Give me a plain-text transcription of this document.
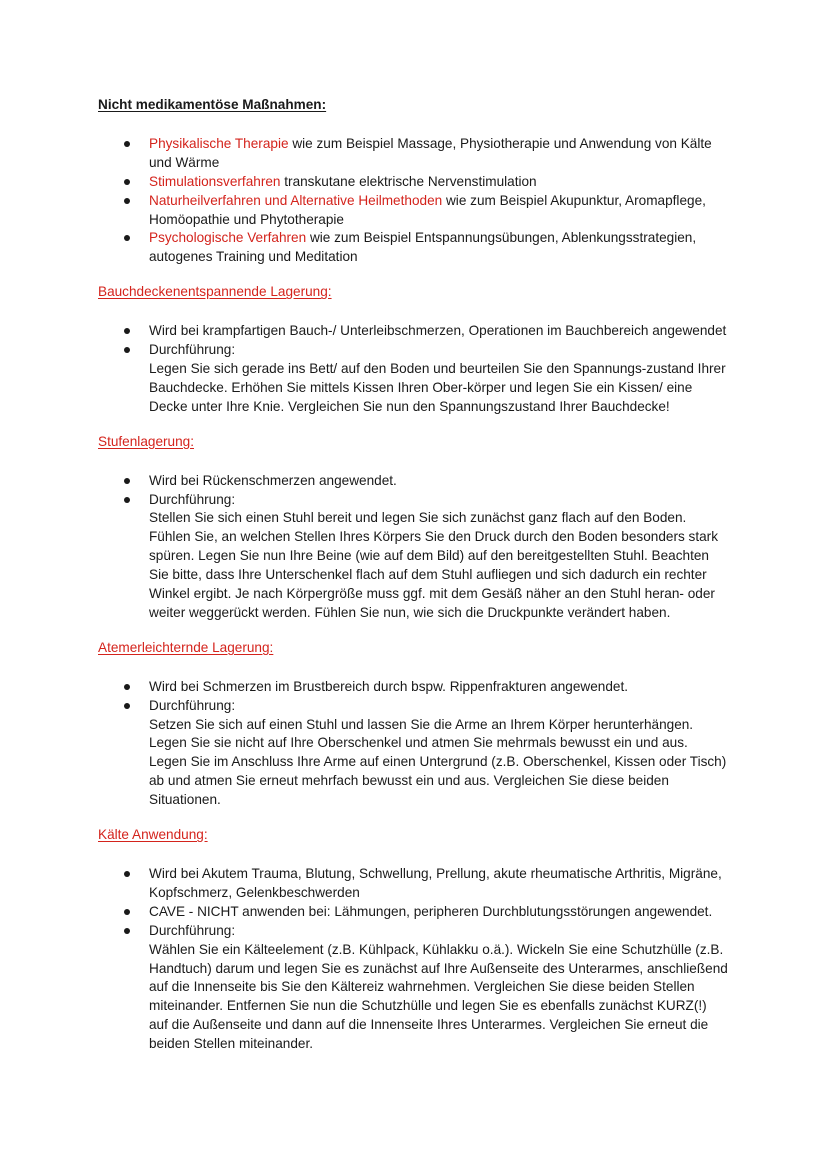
Nicht medikamentöse Maßnahmen:
Physikalische Therapie wie zum Beispiel Massage, Physiotherapie und Anwendung von Kälte und Wärme
Stimulationsverfahren transkutane elektrische Nervenstimulation
Naturheilverfahren und Alternative Heilmethoden wie zum Beispiel Akupunktur, Aromapflege, Homöopathie und Phytotherapie
Psychologische Verfahren wie zum Beispiel Entspannungsübungen, Ablenkungsstrategien, autogenes Training und Meditation
Bauchdeckenentspannende Lagerung:
Wird bei krampfartigen Bauch-/ Unterleibschmerzen, Operationen im Bauchbereich angewendet
Durchführung:
Legen Sie sich gerade ins Bett/ auf den Boden und beurteilen Sie den Spannungs-zustand Ihrer Bauchdecke. Erhöhen Sie mittels Kissen Ihren Ober-körper und legen Sie ein Kissen/ eine Decke unter Ihre Knie. Vergleichen Sie nun den Spannungszustand Ihrer Bauchdecke!
Stufenlagerung:
Wird bei Rückenschmerzen angewendet.
Durchführung:
Stellen Sie sich einen Stuhl bereit und legen Sie sich zunächst ganz flach auf den Boden. Fühlen Sie, an welchen Stellen Ihres Körpers Sie den Druck durch den Boden besonders stark spüren. Legen Sie nun Ihre Beine (wie auf dem Bild) auf den bereitgestellten Stuhl. Beachten Sie bitte, dass Ihre Unterschenkel flach auf dem Stuhl aufliegen und sich dadurch ein rechter Winkel ergibt. Je nach Körpergröße muss ggf. mit dem Gesäß näher an den Stuhl heran- oder weiter weggerückt werden. Fühlen Sie nun, wie sich die Druckpunkte verändert haben.
Atemerleichternde Lagerung:
Wird bei Schmerzen im Brustbereich durch bspw. Rippenfrakturen angewendet.
Durchführung:
Setzen Sie sich auf einen Stuhl und lassen Sie die Arme an Ihrem Körper herunterhängen. Legen Sie sie nicht auf Ihre Oberschenkel und atmen Sie mehrmals bewusst ein und aus. Legen Sie im Anschluss Ihre Arme auf einen Untergrund (z.B. Oberschenkel, Kissen oder Tisch) ab und atmen Sie erneut mehrfach bewusst ein und aus. Vergleichen Sie diese beiden Situationen.
Kälte Anwendung:
Wird bei Akutem Trauma, Blutung, Schwellung, Prellung, akute rheumatische Arthritis, Migräne, Kopfschmerz, Gelenkbeschwerden
CAVE - NICHT anwenden bei: Lähmungen, peripheren Durchblutungsstörungen angewendet.
Durchführung:
Wählen Sie ein Kälteelement (z.B. Kühlpack, Kühlakku o.ä.). Wickeln Sie eine Schutzhülle (z.B. Handtuch) darum und legen Sie es zunächst auf Ihre Außenseite des Unterarmes, anschließend auf die Innenseite bis Sie den Kältereiz wahrnehmen. Vergleichen Sie diese beiden Stellen miteinander. Entfernen Sie nun die Schutzhülle und legen Sie es ebenfalls zunächst KURZ(!) auf die Außenseite und dann auf die Innenseite Ihres Unterarmes. Vergleichen Sie erneut die beiden Stellen miteinander.
